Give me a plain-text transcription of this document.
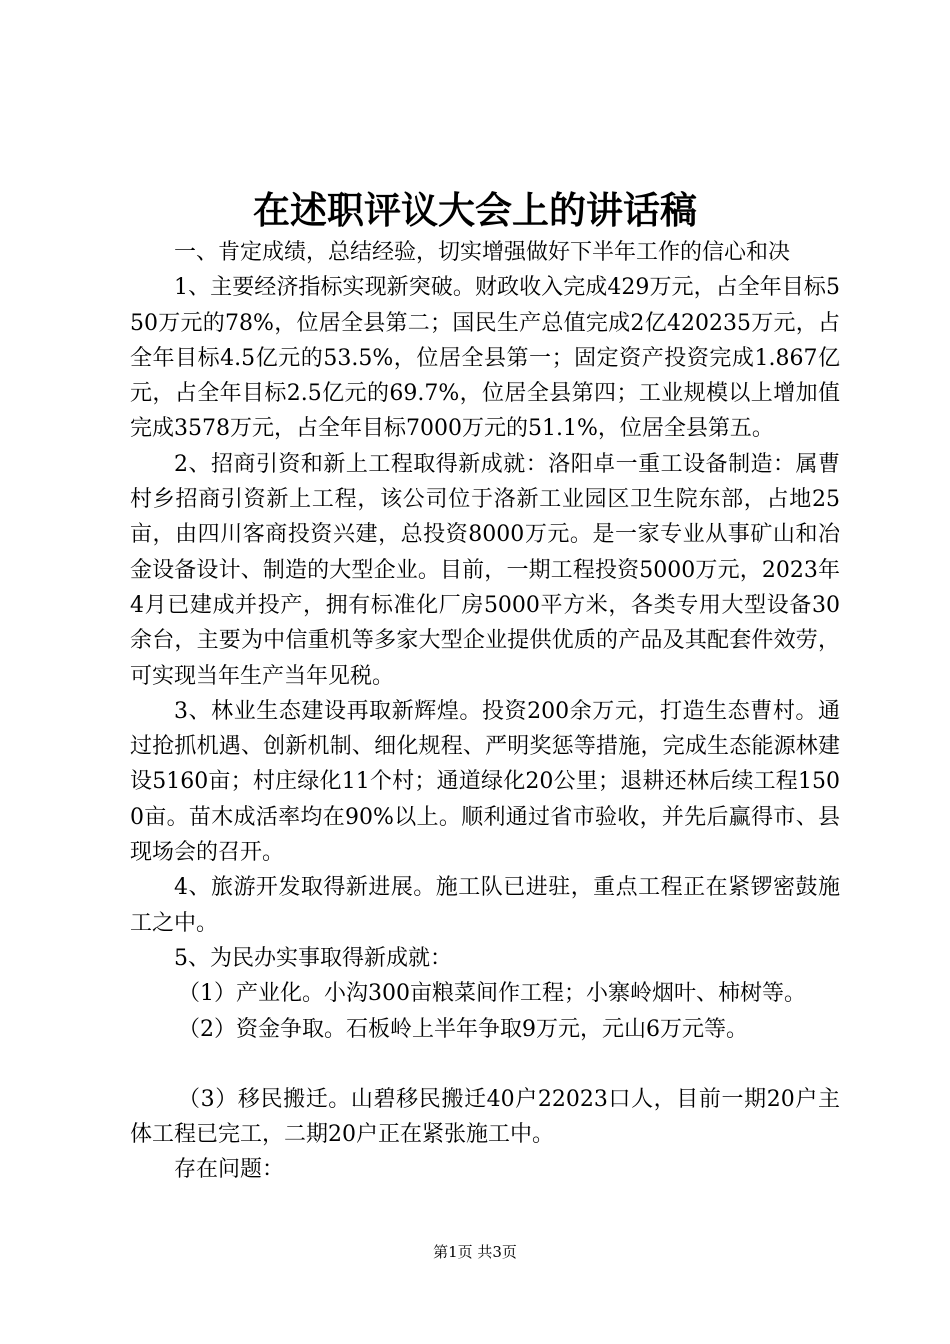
在述职评议大会上的讲话稿

一、肯定成绩，总结经验，切实增强做好下半年工作的信心和决

1、主要经济指标实现新突破。财政收入完成429万元，占全年目标550万元的78%，位居全县第二；国民生产总值完成2亿420235万元，占全年目标4.5亿元的53.5%，位居全县第一；固定资产投资完成1.867亿元，占全年目标2.5亿元的69.7%，位居全县第四；工业规模以上增加值完成3578万元，占全年目标7000万元的51.1%，位居全县第五。

2、招商引资和新上工程取得新成就：洛阳卓一重工设备制造：属曹村乡招商引资新上工程，该公司位于洛新工业园区卫生院东部，占地25亩，由四川客商投资兴建，总投资8000万元。是一家专业从事矿山和冶金设备设计、制造的大型企业。目前，一期工程投资5000万元，2023年4月已建成并投产，拥有标准化厂房5000平方米，各类专用大型设备30余台，主要为中信重机等多家大型企业提供优质的产品及其配套件效劳，可实现当年生产当年见税。

3、林业生态建设再取新辉煌。投资200余万元，打造生态曹村。通过抢抓机遇、创新机制、细化规程、严明奖惩等措施，完成生态能源林建设5160亩；村庄绿化11个村；通道绿化20公里；退耕还林后续工程1500亩。苗木成活率均在90%以上。顺利通过省市验收，并先后赢得市、县现场会的召开。

4、旅游开发取得新进展。施工队已进驻，重点工程正在紧锣密鼓施工之中。

5、为民办实事取得新成就：

（1）产业化。小沟300亩粮菜间作工程；小寨岭烟叶、柿树等。

（2）资金争取。石板岭上半年争取9万元，元山6万元等。

（3）移民搬迁。山碧移民搬迁40户22023口人，目前一期20户主体工程已完工，二期20户正在紧张施工中。

存在问题：

第1页 共3页
